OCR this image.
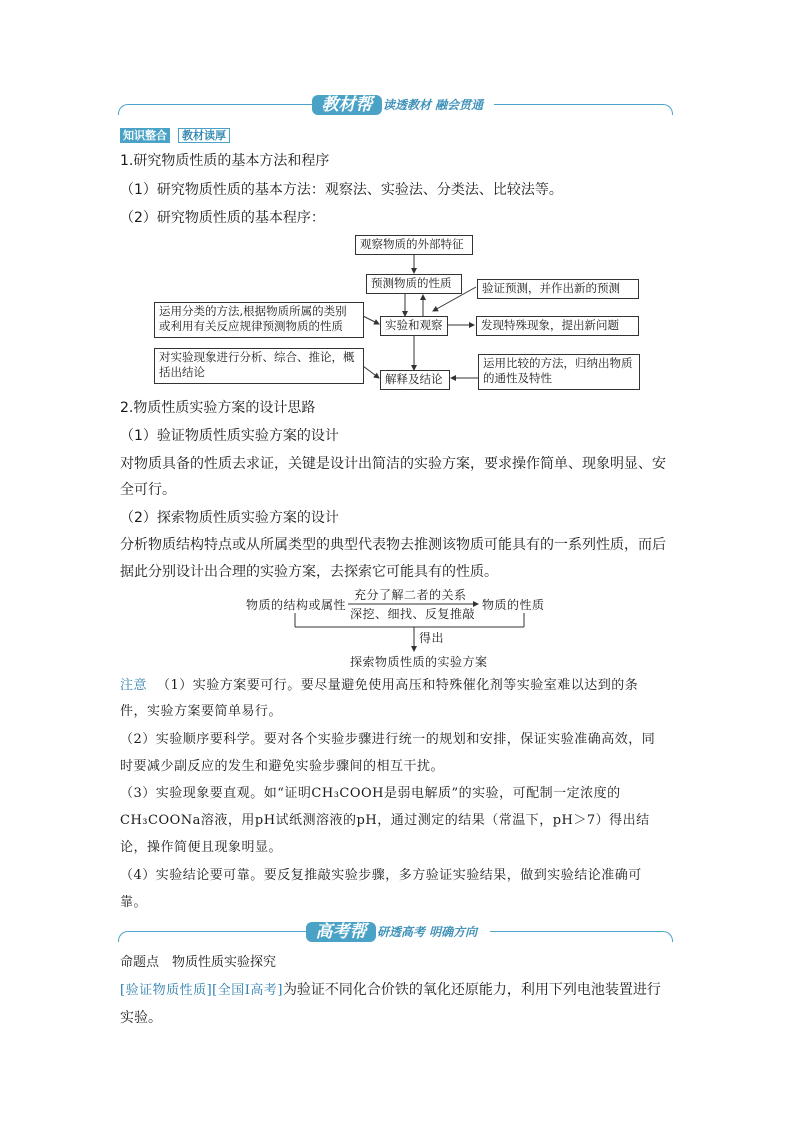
教材帮 读透教材 融会贯通
知识整合	教材读厚
1.研究物质性质的基本方法和程序
（1）研究物质性质的基本方法：观察法、实验法、分类法、比较法等。
（2）研究物质性质的基本程序：
观察物质的外部特征
预测物质的性质	验证预测，并作出新的预测
运用分类的方法,根据物质所属的类别
或利用有关反应规律预测物质的性质	实验和观察	发现特殊现象，提出新问题
对实验现象进行分析、综合、推论，概
括出结论	解释及结论
运用比较的方法，归纳出物质
的通性及特性
2.物质性质实验方案的设计思路
（1）验证物质性质实验方案的设计
对物质具备的性质去求证，关键是设计出简洁的实验方案，要求操作简单、现象明显、安
全可行。
（2）探索物质性质实验方案的设计
分析物质结构特点或从所属类型的典型代表物去推测该物质可能具有的一系列性质，而后
据此分别设计出合理的实验方案，去探索它可能具有的性质。
物质的结构或属性
充分了解二者的关系
深挖、细找、反复推敲
物质的性质
得出
探索物质性质的实验方案
注意 （1）实验方案要可行。要尽量避免使用高压和特殊催化剂等实验室难以达到的条
件，实验方案要简单易行。
（2）实验顺序要科学。要对各个实验步骤进行统一的规划和安排，保证实验准确高效，同
时要减少副反应的发生和避免实验步骤间的相互干扰。
（3）实验现象要直观。如“证明CH₃COOH是弱电解质”的实验，可配制一定浓度的
CH₃COONa溶液，用pH试纸测溶液的pH，通过测定的结果（常温下，pH＞7）得出结
论，操作简便且现象明显。
（4）实验结论要可靠。要反复推敲实验步骤，多方验证实验结果，做到实验结论准确可
靠。
高考帮 研透高考 明确方向
命题点　物质性质实验探究
[验证物质性质][全国Ⅰ高考]为验证不同化合价铁的氧化还原能力，利用下列电池装置进行
实验。
